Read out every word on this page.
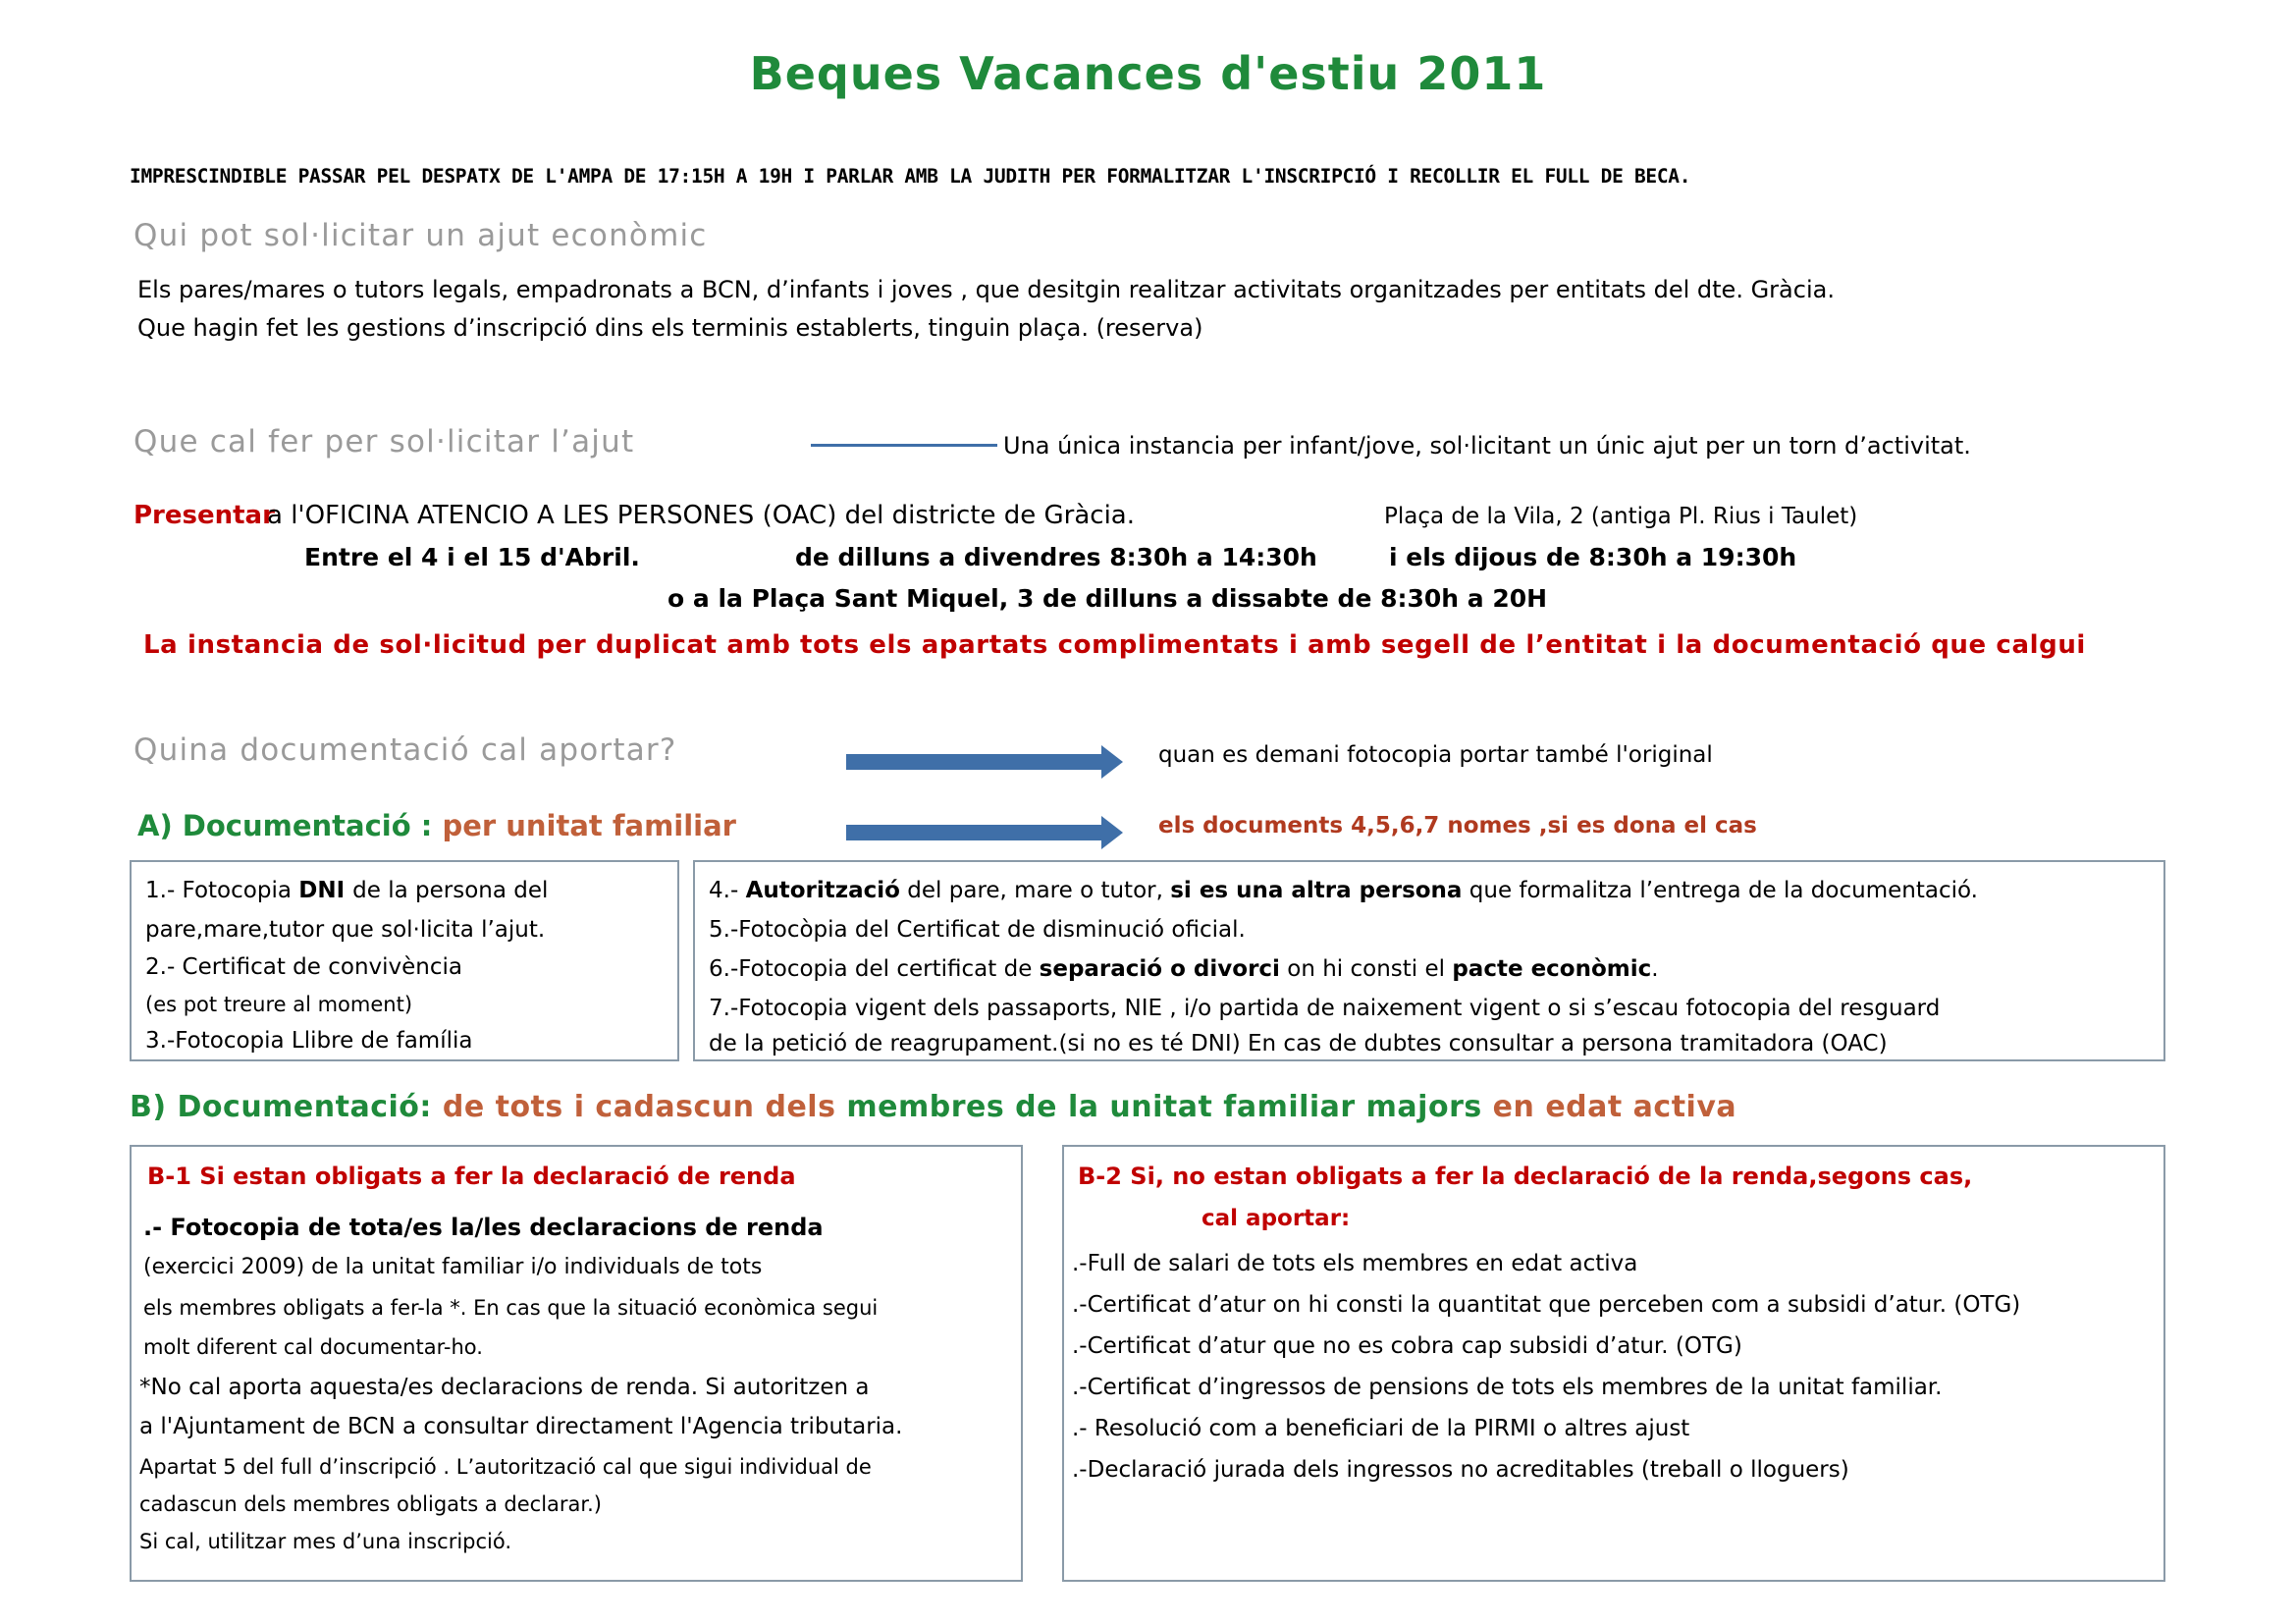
Beques Vacances d'estiu 2011
IMPRESCINDIBLE PASSAR PEL DESPATX DE L'AMPA DE 17:15H A 19H I PARLAR AMB LA JUDITH PER FORMALITZAR L'INSCRIPCIÓ I RECOLLIR EL FULL DE BECA.
Qui pot sol·licitar un ajut econòmic
Els pares/mares o tutors legals, empadronats a BCN, d’infants i joves , que desitgin realitzar activitats organitzades per entitats del dte. Gràcia.
Que hagin fet les gestions d’inscripció dins els terminis establerts, tinguin plaça. (reserva)
Que cal fer per sol·licitar l’ajut	Una única instancia per infant/jove, sol·licitant un únic ajut per un torn d’activitat.
Presentar
a l'OFICINA ATENCIO A LES PERSONES (OAC) del districte de Gràcia.	Plaça de la Vila, 2 (antiga Pl. Rius i Taulet)
Entre el 4 i el 15 d'Abril.	de dilluns a divendres 8:30h a 14:30h	i els dijous de 8:30h a 19:30h
o a la Plaça Sant Miquel, 3 de dilluns a dissabte de 8:30h a 20H
La instancia de sol·licitud per duplicat amb tots els apartats complimentats i amb segell de l’entitat i la documentació que calgui
Quina documentació cal aportar?	quan es demani fotocopia portar també l'original
els documents 4,5,6,7 nomes ,si es dona el cas
A) Documentació : per unitat familiar
1.- Fotocopia DNI de la persona del
pare,mare,tutor que sol·licita l’ajut.
2.- Certificat de convivència
(es pot treure al moment)
3.-Fotocopia Llibre de família
4.- Autorització del pare, mare o tutor, si es una altra persona que formalitza l’entrega de la documentació.
5.-Fotocòpia del Certificat de disminució oficial.
6.-Fotocopia del certificat de separació o divorci on hi consti el pacte econòmic.
7.-Fotocopia vigent dels passaports, NIE , i/o partida de naixement vigent o si s’escau fotocopia del resguard
de la petició de reagrupament.(si no es té DNI) En cas de dubtes consultar a persona tramitadora (OAC)
B) Documentació: de tots i cadascun dels membres de la unitat familiar majors en edat activa
B-1 Si estan obligats a fer la declaració de renda
.- Fotocopia de tota/es la/les declaracions de renda
(exercici 2009) de la unitat familiar i/o individuals de tots
els membres obligats a fer-la *. En cas que la situació econòmica segui
molt diferent cal documentar-ho.
*No cal aporta aquesta/es declaracions de renda. Si autoritzen a
a l'Ajuntament de BCN a consultar directament l'Agencia tributaria.
Apartat 5 del full d’inscripció . L’autorització cal que sigui individual de
cadascun dels membres obligats a declarar.)
Si cal, utilitzar mes d’una inscripció.
B-2 Si, no estan obligats a fer la declaració de la renda,segons cas,
cal aportar:
.-Full de salari de tots els membres en edat activa
.-Certificat d’atur on hi consti la quantitat que perceben com a subsidi d’atur. (OTG)
.-Certificat d’atur que no es cobra cap subsidi d’atur. (OTG)
.-Certificat d’ingressos de pensions de tots els membres de la unitat familiar.
.- Resolució com a beneficiari de la PIRMI o altres ajust
.-Declaració jurada dels ingressos no acreditables (treball o lloguers)
